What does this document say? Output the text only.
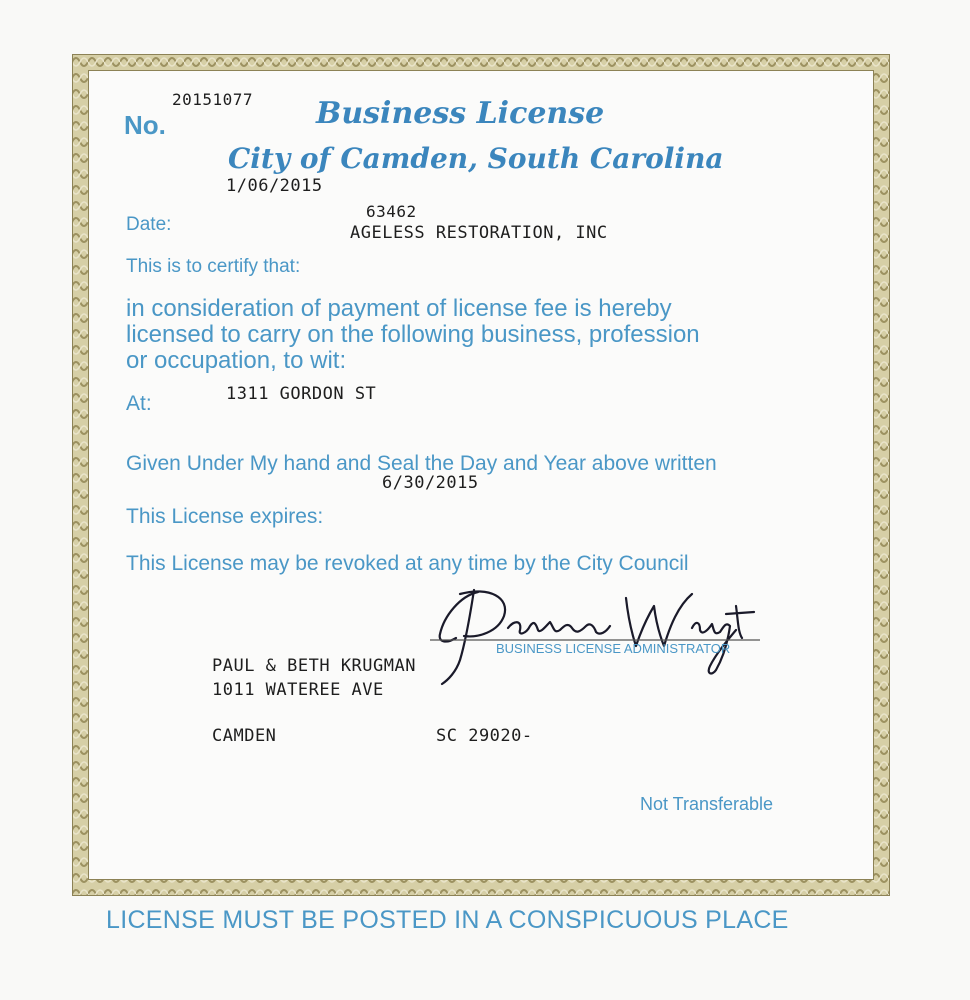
20151077
No.	Business License
City of Camden, South Carolina
1/06/2015
Date:
63462
AGELESS RESTORATION, INC
This is to certify that:
in consideration of payment of license fee is hereby
licensed to carry on the following business, profession
or occupation, to wit:
At:	1311 GORDON ST
Given Under My hand and Seal the Day and Year above written
6/30/2015
This License expires:
This License may be revoked at any time by the City Council
BUSINESS LICENSE ADMINISTRATOR
PAUL & BETH KRUGMAN
1011 WATEREE AVE
CAMDEN	SC 29020-
Not Transferable
LICENSE MUST BE POSTED IN A CONSPICUOUS PLACE
